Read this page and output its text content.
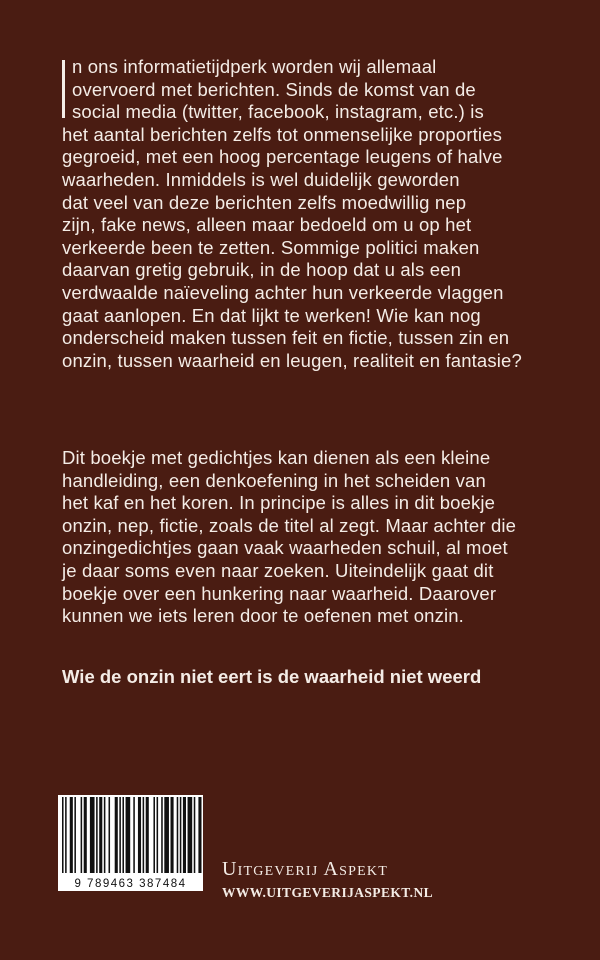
n ons informatietijdperk worden wij allemaal
overvoerd met berichten. Sinds de komst van de
social media (twitter, facebook, instagram, etc.) is
het aantal berichten zelfs tot onmenselijke proporties
gegroeid, met een hoog percentage leugens of halve
waarheden. Inmiddels is wel duidelijk geworden
dat veel van deze berichten zelfs moedwillig nep
zijn, fake news, alleen maar bedoeld om u op het
verkeerde been te zetten. Sommige politici maken
daarvan gretig gebruik, in de hoop dat u als een
verdwaalde naïeveling achter hun verkeerde vlaggen
gaat aanlopen. En dat lijkt te werken! Wie kan nog
onderscheid maken tussen feit en fictie, tussen zin en
onzin, tussen waarheid en leugen, realiteit en fantasie?
Dit boekje met gedichtjes kan dienen als een kleine
handleiding, een denkoefening in het scheiden van
het kaf en het koren. In principe is alles in dit boekje
onzin, nep, fictie, zoals de titel al zegt. Maar achter die
onzingedichtjes gaan vaak waarheden schuil, al moet
je daar soms even naar zoeken. Uiteindelijk gaat dit
boekje over een hunkering naar waarheid. Daarover
kunnen we iets leren door te oefenen met onzin.
Wie de onzin niet eert is de waarheid niet weerd
9 789463 387484
Uitgeverij Aspekt
WWW.UITGEVERIJASPEKT.NL
